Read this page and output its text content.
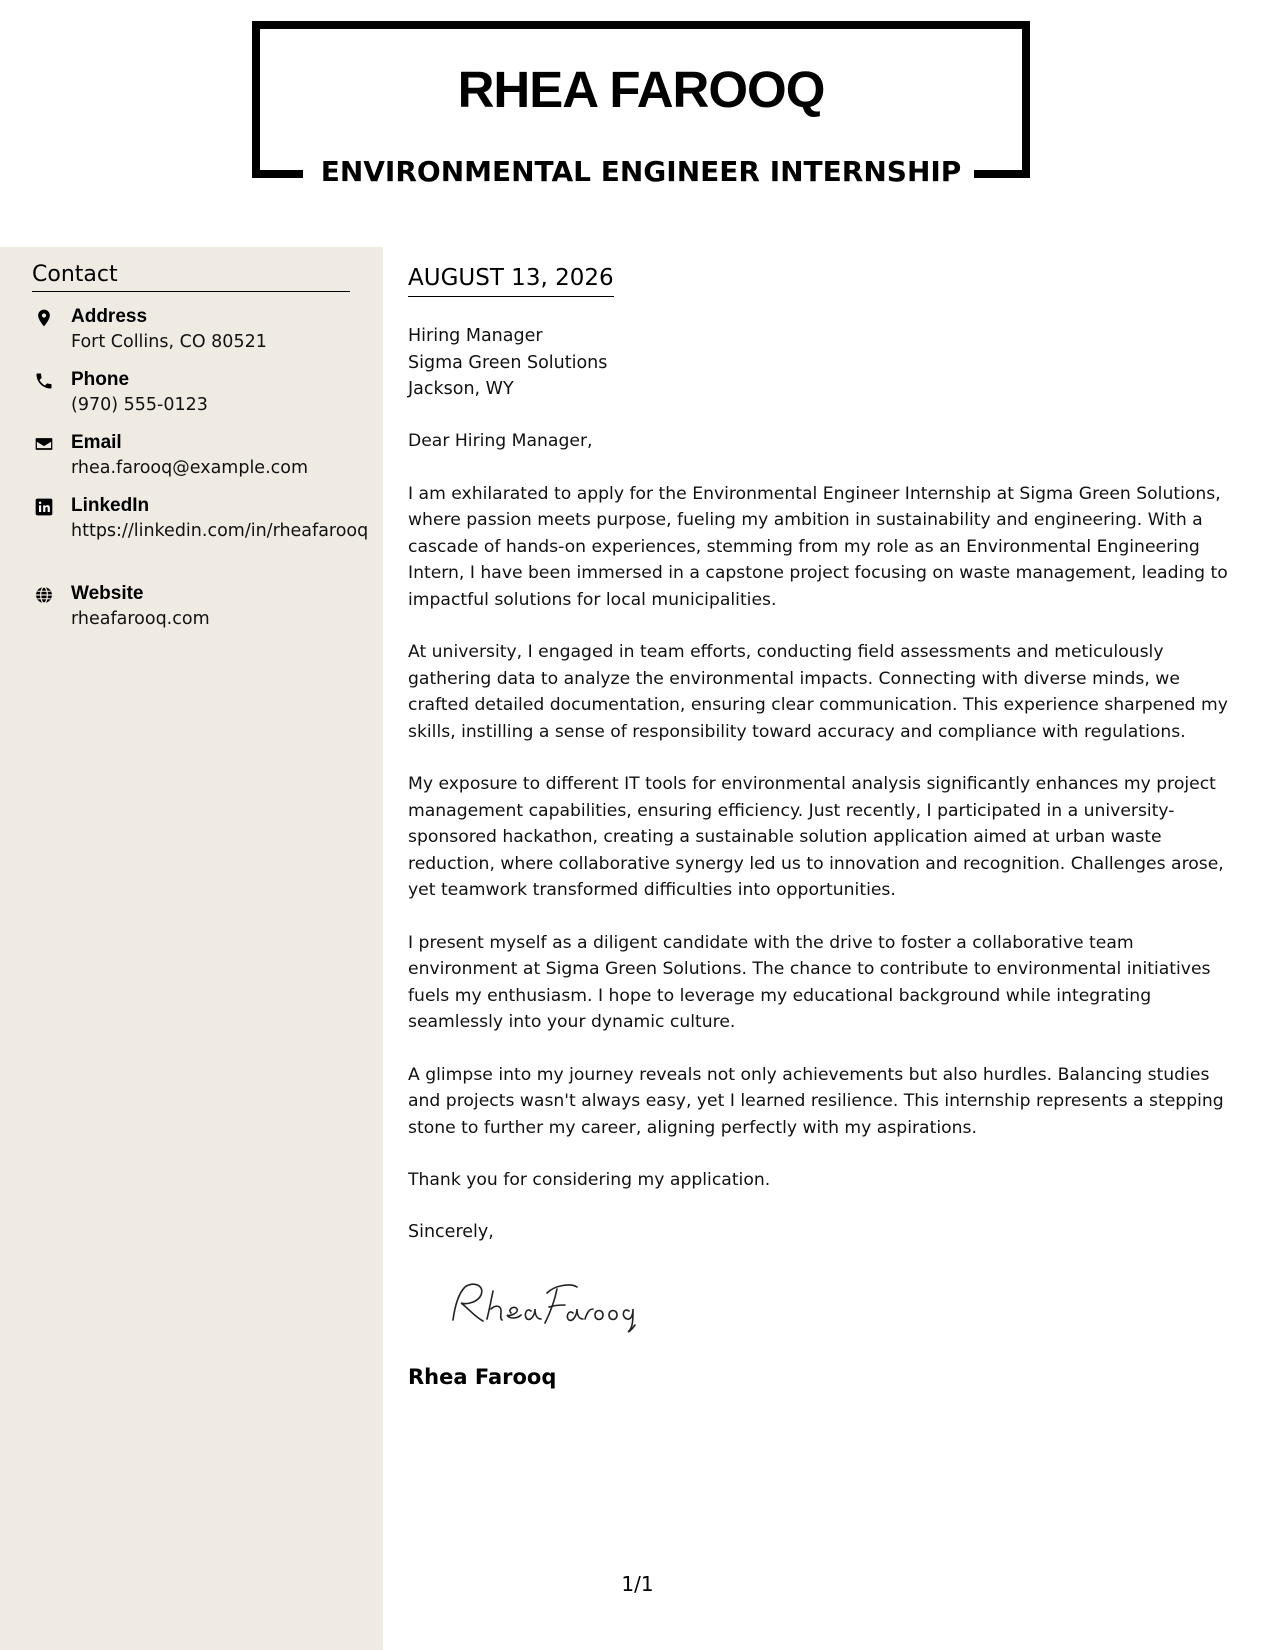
RHEA FAROOQ
ENVIRONMENTAL ENGINEER INTERNSHIP
Contact
Address
Fort Collins, CO 80521
Phone
(970) 555-0123
Email
rhea.farooq@example.com
LinkedIn
https://linkedin.com/in/rheafarooq
Website
rheafarooq.com
AUGUST 13, 2026
Hiring Manager
Sigma Green Solutions
Jackson, WY

Dear Hiring Manager,

I am exhilarated to apply for the Environmental Engineer Internship at Sigma Green Solutions, where passion meets purpose, fueling my ambition in sustainability and engineering. With a cascade of hands-on experiences, stemming from my role as an Environmental Engineering Intern, I have been immersed in a capstone project focusing on waste management, leading to impactful solutions for local municipalities.

At university, I engaged in team efforts, conducting field assessments and meticulously gathering data to analyze the environmental impacts. Connecting with diverse minds, we crafted detailed documentation, ensuring clear communication. This experience sharpened my skills, instilling a sense of responsibility toward accuracy and compliance with regulations.

My exposure to different IT tools for environmental analysis significantly enhances my project management capabilities, ensuring efficiency. Just recently, I participated in a university-sponsored hackathon, creating a sustainable solution application aimed at urban waste reduction, where collaborative synergy led us to innovation and recognition. Challenges arose, yet teamwork transformed difficulties into opportunities.

I present myself as a diligent candidate with the drive to foster a collaborative team environment at Sigma Green Solutions. The chance to contribute to environmental initiatives fuels my enthusiasm. I hope to leverage my educational background while integrating seamlessly into your dynamic culture.

A glimpse into my journey reveals not only achievements but also hurdles. Balancing studies and projects wasn't always easy, yet I learned resilience. This internship represents a stepping stone to further my career, aligning perfectly with my aspirations.

Thank you for considering my application.

Sincerely,
Rhea Farooq
1/1
